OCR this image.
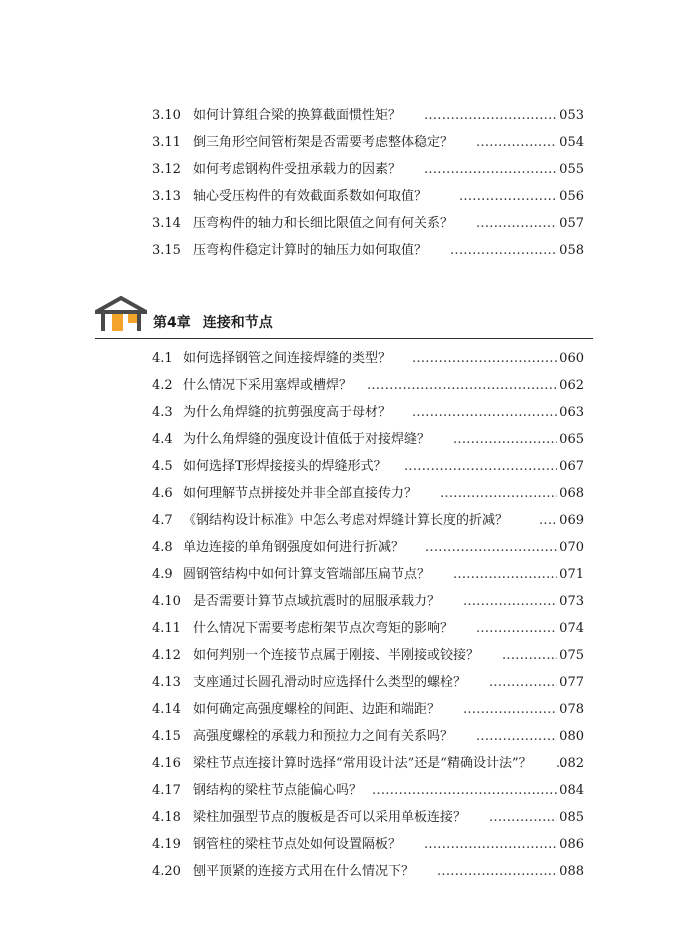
3.10 如何计算组合梁的换算截面惯性矩？ .....	053
3.11 倒三角形空间管桁架是否需要考虑整体稳定？ .....	054
3.12 如何考虑钢构件受扭承载力的因素？ .....	055
3.13 轴心受压构件的有效截面系数如何取值？ .....	056
3.14 压弯构件的轴力和长细比限值之间有何关系？ .....	057
3.15 压弯构件稳定计算时的轴压力如何取值？ .....	058
4.1 如何选择钢管之间连接焊缝的类型？ .....	060
4.2 什么情况下采用塞焊或槽焊？ .....	062
4.3 为什么角焊缝的抗剪强度高于母材？ .....	063
4.4 为什么角焊缝的强度设计值低于对接焊缝？ .....	065
4.5 如何选择T形焊接接头的焊缝形式？ .....	067
4.6 如何理解节点拼接处并非全部直接传力？ .....	068
4.7 《钢结构设计标准》中怎么考虑对焊缝计算长度的折减？ .....	069
4.8 单边连接的单角钢强度如何进行折减？ .....	070
4.9 圆钢管结构中如何计算支管端部压扁节点？ .....	071
4.10 是否需要计算节点域抗震时的屈服承载力？ .....	073
4.11 什么情况下需要考虑桁架节点次弯矩的影响？ .....	074
4.12 如何判别一个连接节点属于刚接、半刚接或铰接？ .....	075
4.13 支座通过长圆孔滑动时应选择什么类型的螺栓？ .....	077
4.14 如何确定高强度螺栓的间距、边距和端距？ .....	078
4.15 高强度螺栓的承载力和预拉力之间有关系吗？ .....	080
4.16 梁柱节点连接计算时选择“常用设计法”还是“精确设计法”？ ..... 082
4.17 钢结构的梁柱节点能偏心吗？ .....	084
4.18 梁柱加强型节点的腹板是否可以采用单板连接？ .....	085
4.19 钢管柱的梁柱节点处如何设置隔板？ .....	086
4.20 刨平顶紧的连接方式用在什么情况下？ .....	088
第4章 连接和节点
